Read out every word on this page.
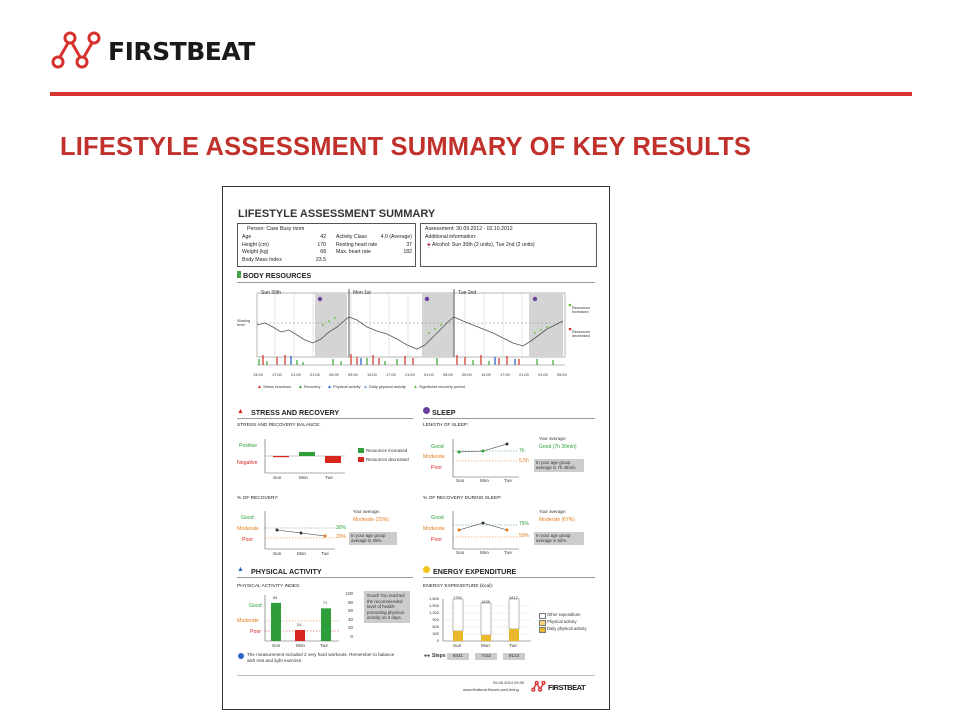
FIRSTBEAT
LIFESTYLE ASSESSMENT SUMMARY OF KEY RESULTS
LIFESTYLE ASSESSMENT SUMMARY
Person: Case Busy mom
Age	42 Activity Class	4.0 (Average)
Height (cm)	170 Resting heart rate	37
Weight (kg)	68 Max. heart rate	182
Body Mass Index	23.5
Assessment: 30.09.2012 - 02.10.2012
Additional information:
🍷 Alcohol: Sun 30th (2 units), Tue 2nd (2 units)
BODY RESOURCES
Sun 30th	Mon 1st	Tue 2nd
Starting level
Resources increased
Resources decreased
13:00 17:00 21:00 01:00 05:00 09:00 13:00 17:00 21:00 01:00 05:00 09:00 13:00 17:00 21:00 01:00 05:00
▲ Stress reactions ▲ Recovery ▲ Physical activity ▲ Daily physical activity ▲ Significant recovery period
▲ STRESS AND RECOVERY
STRESS AND RECOVERY BALANCE:
Positive
Negative
Sun	Mon	Tue
Resources increased
Resources decreased
% OF RECOVERY:
Good
Moderate
Poor
Sun	Mon	Tue
30%
20%
Your average:
Moderate (25%)
In your age group average is 25%.
SLEEP
LENGTH OF SLEEP:
Good
Moderate
Poor
Sun	Mon	Tue
7h
5,5h
Your average:
Good (7h 30min)
In your age group average is 7h 46min.
% OF RECOVERY DURING SLEEP:
Good
Moderate
Poor
Sun	Mon	Tue
75%
50%
Your average:
Moderate (67%)
In your age group average is 53%.
▲ PHYSICAL ACTIVITY
PHYSICAL ACTIVITY INDEX:
Good
Moderate
Poor
83
24
71
Sun	Mon	Tue
100
80
60
40
20
0
Good! You reached the recommended level of health-promoting physical activity on 2 days.
The measurement included 2 very hard workouts. Remember to balance with rest and light exercise.
ENERGY EXPENDITURE
ENERGY EXPENDITURE (kcal):
1,800
1,500
1,200
900
600
300
0
1792
1628
1812
Sun	Mon	Tue
Other expenditure
Physical activity
Daily physical activity
●● Steps	8441	7432	9123
09.06.2014 09:30
www.firstbeat.fi/work-well-being	FIRSTBEAT
